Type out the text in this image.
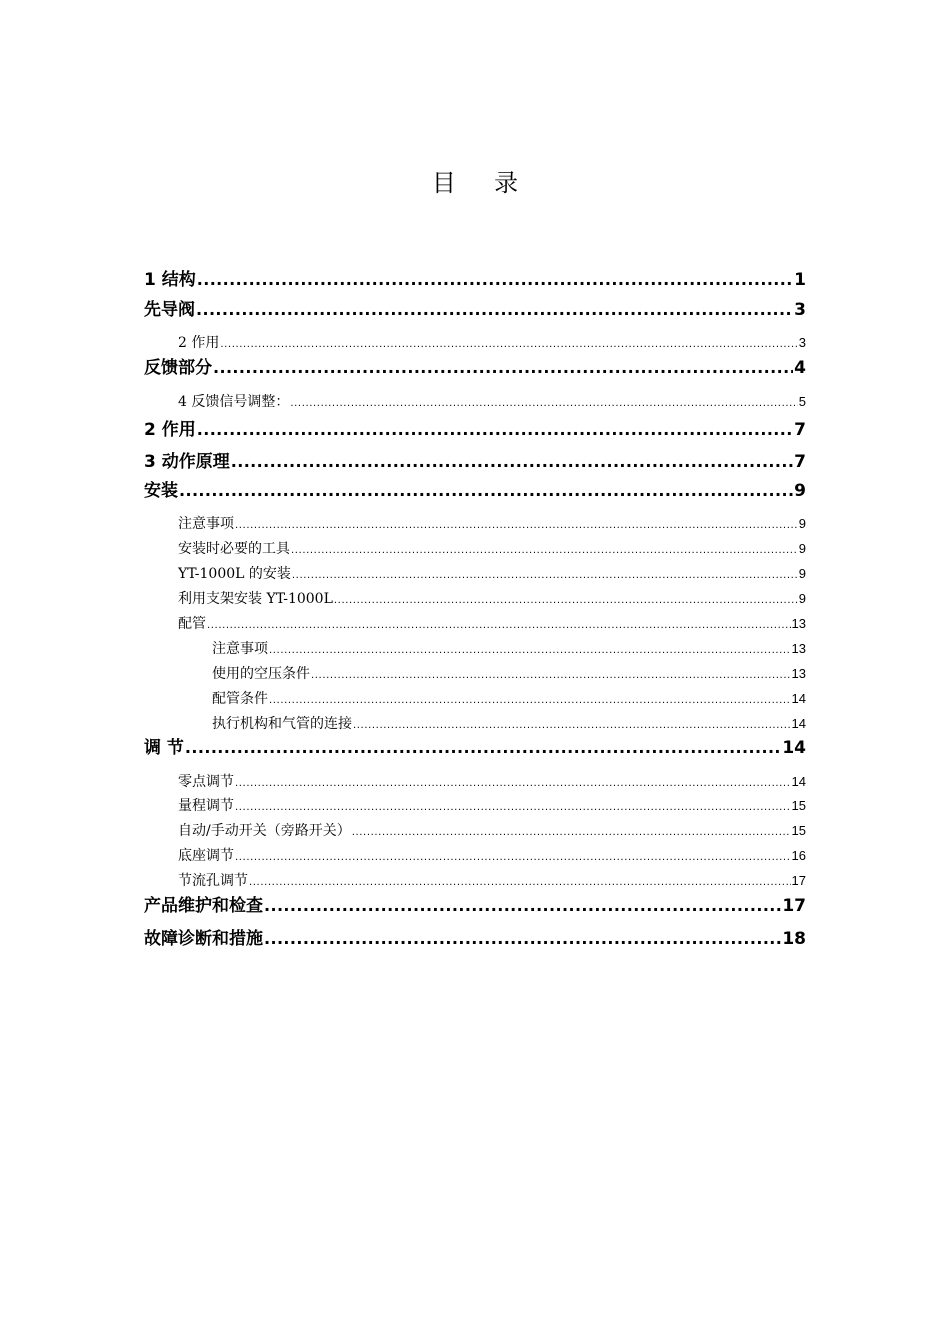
目     录
1 结构 .....	1
先导阀 .....	3
2 作用 .....	3
反馈部分 .....	4
4 反馈信号调整： .....	5
2 作用 .....	7
3 动作原理 .....	7
安装 .....	9
注意事项 .....	9
安装时必要的工具 .....	9
YT-1000L 的安装 .....	9
利用支架安装 YT-1000L .....	9
配管 .....	13
注意事项 .....	13
使用的空压条件 .....	13
配管条件 .....	14
执行机构和气管的连接 .....	14
调 节 .....	14
零点调节 .....	14
量程调节 .....	15
自动/手动开关（旁路开关） .....	15
底座调节 .....	16
节流孔调节 .....	17
产品维护和检查 .....	17
故障诊断和措施 .....	18
